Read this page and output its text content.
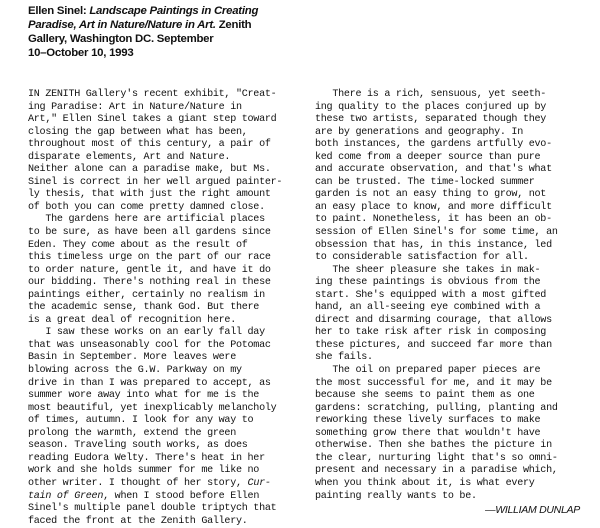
Ellen Sinel: Landscape Paintings in Creating
Paradise, Art in Nature/Nature in Art. Zenith
Gallery, Washington DC. September
10–October 10, 1993
IN ZENITH Gallery's recent exhibit, "Creat-
ing Paradise: Art in Nature/Nature in
Art," Ellen Sinel takes a giant step toward
closing the gap between what has been,
throughout most of this century, a pair of
disparate elements, Art and Nature.
Neither alone can a paradise make, but Ms.
Sinel is correct in her well argued painter-
ly thesis, that with just the right amount
of both you can come pretty damned close.
The gardens here are artificial places
to be sure, as have been all gardens since
Eden. They come about as the result of
this timeless urge on the part of our race
to order nature, gentle it, and have it do
our bidding. There's nothing real in these
paintings either, certainly no realism in
the academic sense, thank God. But there
is a great deal of recognition here.
I saw these works on an early fall day
that was unseasonably cool for the Potomac
Basin in September. More leaves were
blowing across the G.W. Parkway on my
drive in than I was prepared to accept, as
summer wore away into what for me is the
most beautiful, yet inexplicably melancholy
of times, autumn. I look for any way to
prolong the warmth, extend the green
season. Traveling south works, as does
reading Eudora Welty. There's heat in her
work and she holds summer for me like no
other writer. I thought of her story, Cur-
tain of Green, when I stood before Ellen
Sinel's multiple panel double triptych that
faced the front at the Zenith Gallery.
There is a rich, sensuous, yet seeth-
ing quality to the places conjured up by
these two artists, separated though they
are by generations and geography. In
both instances, the gardens artfully evo-
ked come from a deeper source than pure
and accurate observation, and that's what
can be trusted. The time-locked summer
garden is not an easy thing to grow, not
an easy place to know, and more difficult
to paint. Nonetheless, it has been an ob-
session of Ellen Sinel's for some time, an
obsession that has, in this instance, led
to considerable satisfaction for all.
The sheer pleasure she takes in mak-
ing these paintings is obvious from the
start. She's equipped with a most gifted
hand, an all-seeing eye combined with a
direct and disarming courage, that allows
her to take risk after risk in composing
these pictures, and succeed far more than
she fails.
The oil on prepared paper pieces are
the most successful for me, and it may be
because she seems to paint them as one
gardens: scratching, pulling, planting and
reworking these lively surfaces to make
something grow there that wouldn't have
otherwise. Then she bathes the picture in
the clear, nurturing light that's so omni-
present and necessary in a paradise which,
when you think about it, is what every
painting really wants to be.
—WILLIAM DUNLAP
